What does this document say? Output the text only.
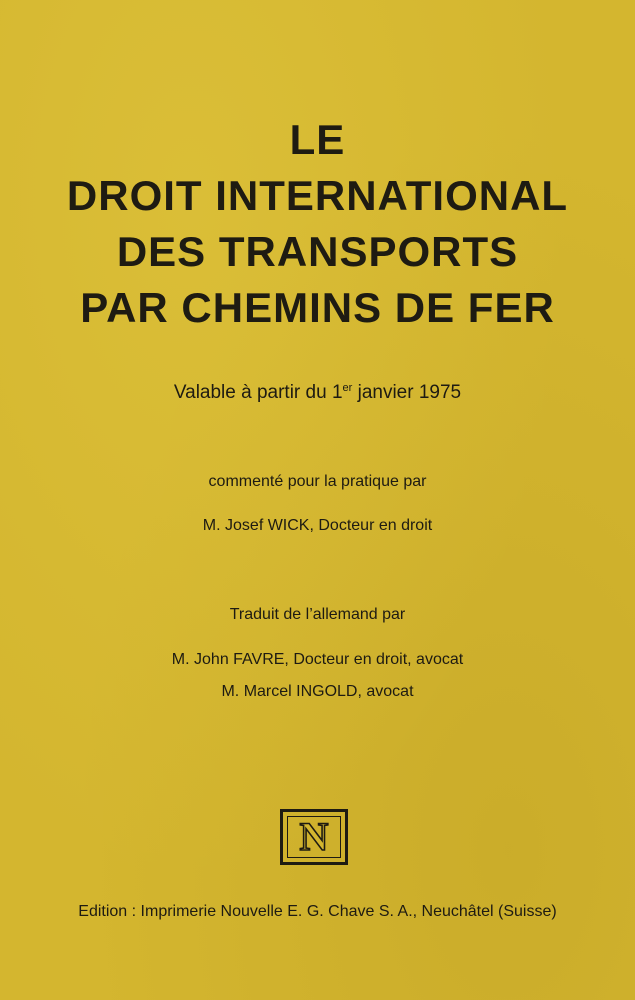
LE
DROIT INTERNATIONAL
DES TRANSPORTS
PAR CHEMINS DE FER
Valable à partir du 1er janvier 1975
commenté pour la pratique par
M. Josef WICK, Docteur en droit
Traduit de l’allemand par
M. John FAVRE, Docteur en droit, avocat
M. Marcel INGOLD, avocat
N
Edition : Imprimerie Nouvelle E. G. Chave S. A., Neuchâtel (Suisse)
